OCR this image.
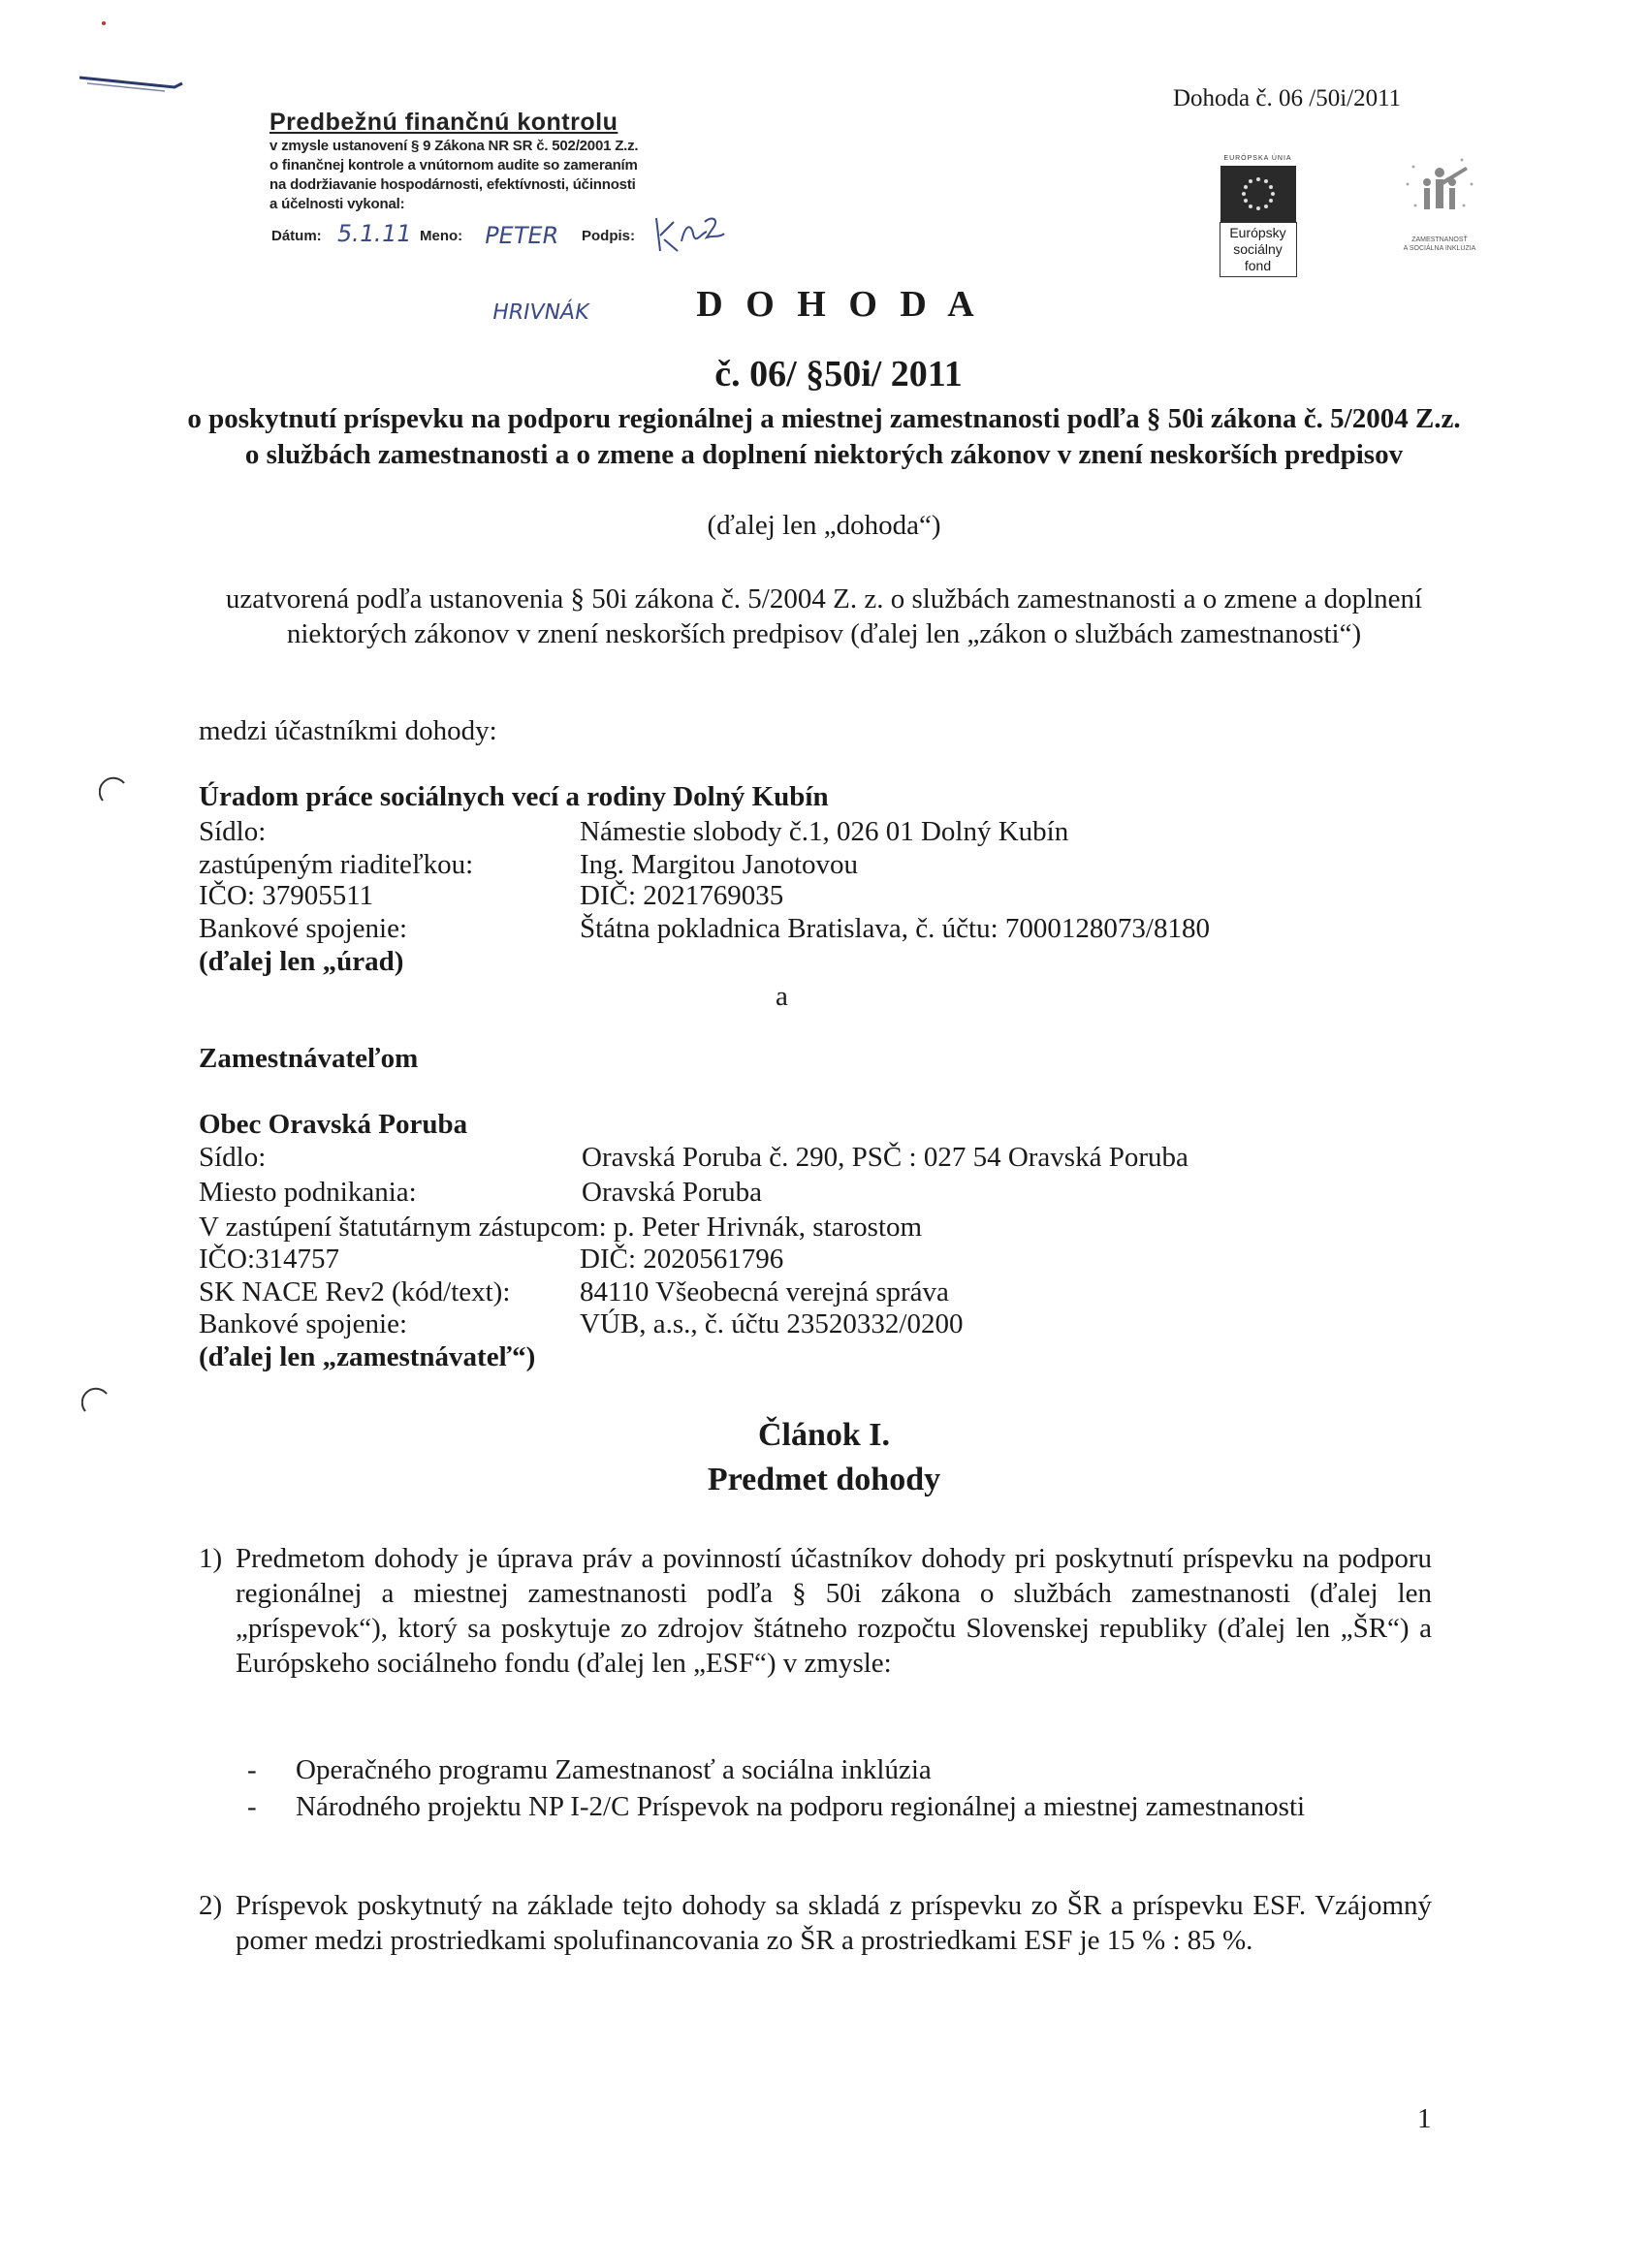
Dohoda č. 06 /50i/2011
Predbežnú finančnú kontrolu
v zmysle ustanovení § 9 Zákona NR SR č. 502/2001 Z.z.
o finančnej kontrole a vnútornom audite so zameraním
na dodržiavanie hospodárnosti, efektívnosti, účinnosti
a účelnosti vykonal:
Dátum: 5.1.11 Meno: PETER Podpis:
HRIVNÁK
EURÓPSKA ÚNIA
Európsky
sociálny
fond
ZAMESTNANOSŤ
A SOCIÁLNA INKLÚZIA
D O H O D A
č. 06/ §50i/ 2011
o poskytnutí príspevku na podporu regionálnej a miestnej zamestnanosti podľa § 50i zákona č. 5/2004 Z.z. o službách zamestnanosti a o zmene a doplnení niektorých zákonov v znení neskorších predpisov
(ďalej len „dohoda“)
uzatvorená podľa ustanovenia § 50i zákona č. 5/2004 Z. z. o službách zamestnanosti a o zmene a doplnení niektorých zákonov v znení neskorších predpisov (ďalej len „zákon o službách zamestnanosti“)
medzi účastníkmi dohody:
Úradom práce sociálnych vecí a rodiny Dolný Kubín
Sídlo:	Námestie slobody č.1, 026 01 Dolný Kubín
zastúpeným riaditeľkou:	Ing. Margitou Janotovou
IČO: 37905511	DIČ: 2021769035
Bankové spojenie:	Štátna pokladnica Bratislava, č. účtu: 7000128073/8180
(ďalej len „úrad)
a
Zamestnávateľom
Obec Oravská Poruba
Sídlo:	Oravská Poruba č. 290, PSČ : 027 54 Oravská Poruba
Miesto podnikania:	Oravská Poruba
V zastúpení štatutárnym zástupcom: p. Peter Hrivnák, starostom
IČO:314757	DIČ: 2020561796
SK NACE Rev2 (kód/text): 84110 Všeobecná verejná správa
Bankové spojenie:	VÚB, a.s., č. účtu 23520332/0200
(ďalej len „zamestnávateľ“)
Článok I.
Predmet dohody
1) Predmetom dohody je úprava práv a povinností účastníkov dohody pri poskytnutí príspevku na podporu regionálnej a miestnej zamestnanosti podľa § 50i zákona o službách zamestnanosti (ďalej len „príspevok“), ktorý sa poskytuje zo zdrojov štátneho rozpočtu Slovenskej republiky (ďalej len „ŠR“) a Európskeho sociálneho fondu (ďalej len „ESF“) v zmysle:
- Operačného programu Zamestnanosť a sociálna inklúzia
- Národného projektu NP I-2/C Príspevok na podporu regionálnej a miestnej zamestnanosti
2) Príspevok poskytnutý na základe tejto dohody sa skladá z príspevku zo ŠR a príspevku ESF. Vzájomný pomer medzi prostriedkami spolufinancovania zo ŠR a prostriedkami ESF je 15 % : 85 %.
1
